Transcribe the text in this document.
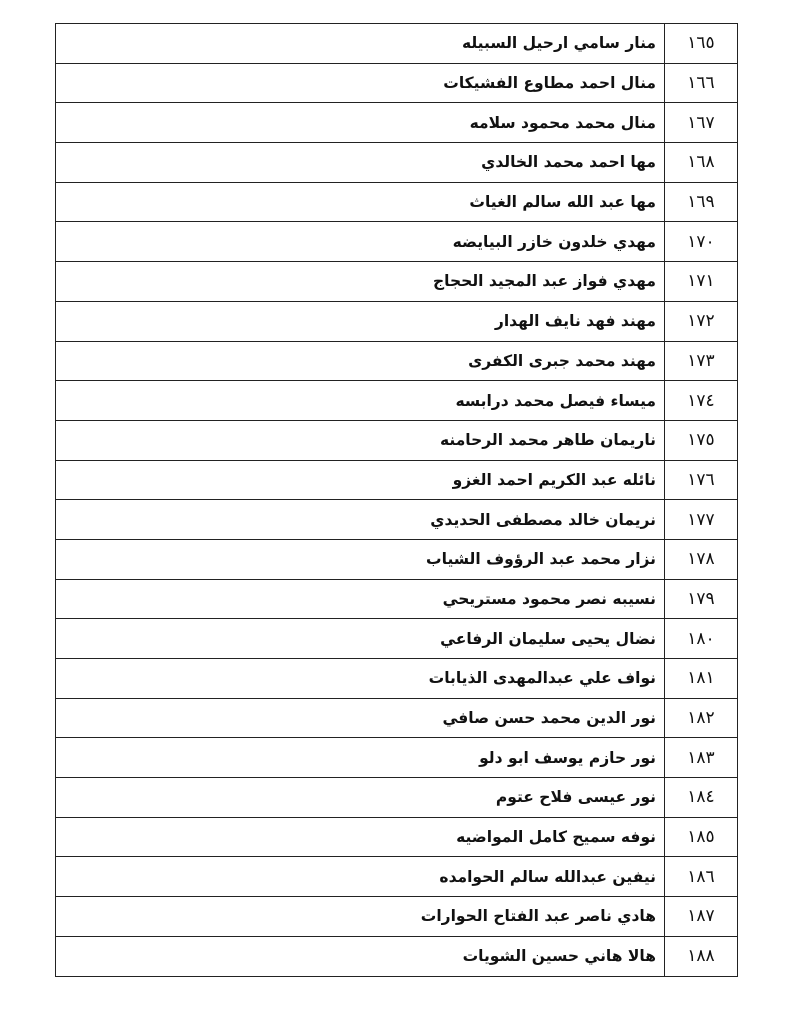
١٦٥	منار سامي ارحيل السبيله
١٦٦	منال احمد مطاوع الفشيكات
١٦٧	منال محمد محمود سلامه
١٦٨	مها احمد محمد الخالدي
١٦٩	مها عبد الله سالم الغياث
١٧٠	مهدي خلدون خازر البيايضه
١٧١	مهدي فواز عبد المجيد الحجاج
١٧٢	مهند فهد نايف الهدار
١٧٣	مهند محمد جبرى الكفرى
١٧٤	ميساء فيصل محمد درابسه
١٧٥	ناريمان طاهر محمد الرحامنه
١٧٦	نائله عبد الكريم احمد الغزو
١٧٧	نريمان خالد مصطفى الحديدي
١٧٨	نزار محمد عبد الرؤوف الشياب
١٧٩	نسيبه نصر محمود مستريحي
١٨٠	نضال يحيى سليمان الرفاعي
١٨١	نواف علي عبدالمهدى الذيابات
١٨٢	نور الدين محمد حسن صافي
١٨٣	نور حازم يوسف ابو دلو
١٨٤	نور عيسى فلاح عتوم
١٨٥	نوفه سميح كامل المواضيه
١٨٦	نيفين عبدالله سالم الحوامده
١٨٧	هادي ناصر عبد الفتاح الحوارات
١٨٨	هالا هاني حسين الشويات
